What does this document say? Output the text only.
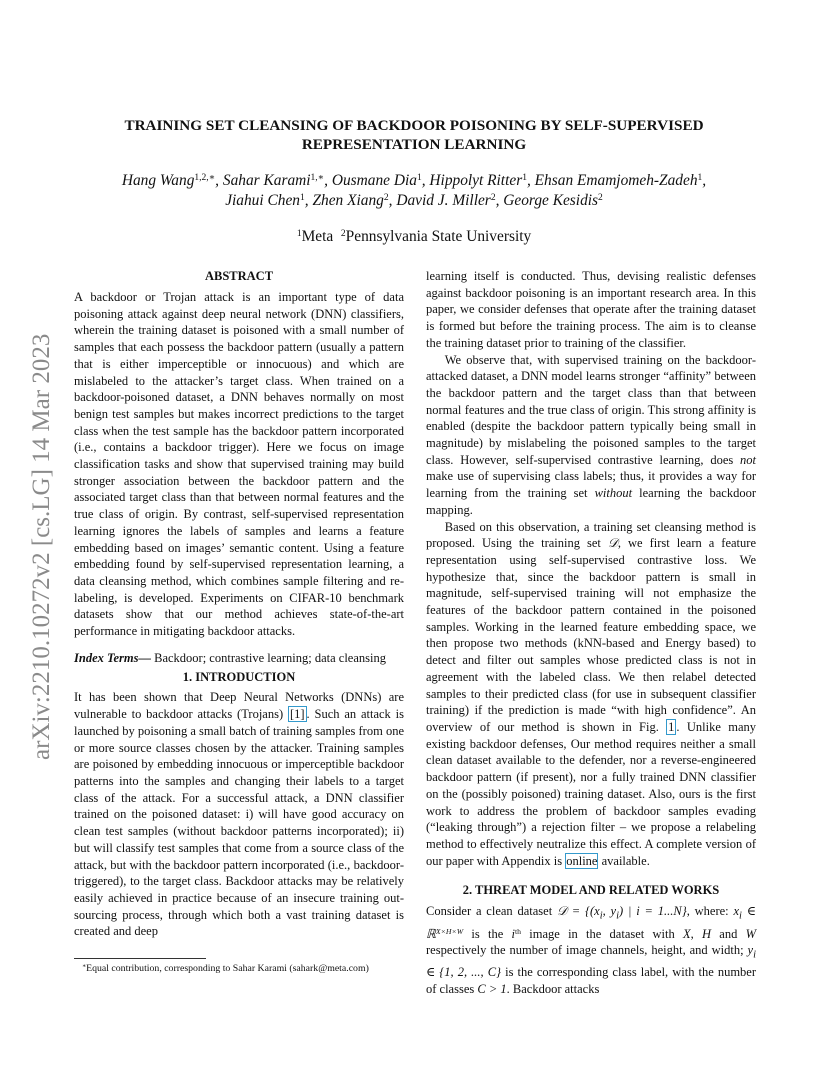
arXiv:2210.10272v2 [cs.LG] 14 Mar 2023
TRAINING SET CLEANSING OF BACKDOOR POISONING BY SELF-SUPERVISED REPRESENTATION LEARNING
Hang Wang$^{1,2,∗}$, Sahar Karami$^{1,∗}$, Ousmane Dia$^1$, Hippolyt Ritter$^1$, Ehsan Emamjomeh-Zadeh$^1$,
Jiahui Chen$^1$, Zhen Xiang$^2$, David J. Miller$^2$, George Kesidis$^2$
$^1$Meta $^2$Pennsylvania State University
ABSTRACT

A backdoor or Trojan attack is an important type of data poisoning attack against deep neural network (DNN) classifiers, wherein the training dataset is poisoned with a small number of samples that each possess the backdoor pattern (usually a pattern that is either imperceptible or innocuous) and which are mislabeled to the attacker’s target class. When trained on a backdoor-poisoned dataset, a DNN behaves normally on most benign test samples but makes incorrect predictions to the target class when the test sample has the backdoor pattern incorporated (i.e., contains a backdoor trigger). Here we focus on image classification tasks and show that supervised training may build stronger association between the backdoor pattern and the associated target class than that between normal features and the true class of origin. By contrast, self-supervised representation learning ignores the labels of samples and learns a feature embedding based on images’ semantic content. Using a feature embedding found by self-supervised representation learning, a data cleansing method, which combines sample filtering and re-labeling, is developed. Experiments on CIFAR-10 benchmark datasets show that our method achieves state-of-the-art performance in mitigating backdoor attacks.

Index Terms— Backdoor; contrastive learning; data cleansing

1. INTRODUCTION

It has been shown that Deep Neural Networks (DNNs) are vulnerable to backdoor attacks (Trojans) [1] . Such an attack is launched by poisoning a small batch of training samples from one or more source classes chosen by the attacker. Training samples are poisoned by embedding innocuous or imperceptible backdoor patterns into the samples and changing their labels to a target class of the attack. For a successful attack, a DNN classifier trained on the poisoned dataset: i) will have good accuracy on clean test samples (without backdoor patterns incorporated); ii) but will classify test samples that come from a source class of the attack, but with the backdoor pattern incorporated (i.e., backdoor-triggered), to the target class. Backdoor attacks may be relatively easily achieved in practice because of an insecure training out-sourcing process, through which both a vast training dataset is created and deep

∗Equal contribution, corresponding to Sahar Karami (sahark@meta.com)

learning itself is conducted. Thus, devising realistic defenses against backdoor poisoning is an important research area. In this paper, we consider defenses that operate after the training dataset is formed but before the training process. The aim is to cleanse the training dataset prior to training of the classifier.

We observe that, with supervised training on the backdoor-attacked dataset, a DNN model learns stronger “affinity” between the backdoor pattern and the target class than that between normal features and the true class of origin. This strong affinity is enabled (despite the backdoor pattern typically being small in magnitude) by mislabeling the poisoned samples to the target class. However, self-supervised contrastive learning, does not make use of supervising class labels; thus, it provides a way for learning from the training set without learning the backdoor mapping.

Based on this observation, a training set cleansing method is proposed. Using the training set 𝒟, we first learn a feature representation using self-supervised contrastive loss. We hypothesize that, since the backdoor pattern is small in magnitude, self-supervised training will not emphasize the features of the backdoor pattern contained in the poisoned samples. Working in the learned feature embedding space, we then propose two methods (kNN-based and Energy based) to detect and filter out samples whose predicted class is not in agreement with the labeled class. We then relabel detected samples to their predicted class (for use in subsequent classifier training) if the prediction is made “with high confidence”. An overview of our method is shown in Fig. 1 . Unlike many existing backdoor defenses, Our method requires neither a small clean dataset available to the defender, nor a reverse-engineered backdoor pattern (if present), nor a fully trained DNN classifier on the (possibly poisoned) training dataset. Also, ours is the first work to address the problem of backdoor samples evading (“leaking through”) a rejection filter – we propose a relabeling method to effectively neutralize this effect. A complete version of our paper with Appendix is online available.

2. THREAT MODEL AND RELATED WORKS

Consider a clean dataset 𝒟 = {($x_i$, $y_i$) | i = 1...N}, where: $x_i$ ∈ ℝ$^{X\times H\times W}$ is the $i^{th}$ image in the dataset with X, H and W respectively the number of image channels, height, and width; $y_i$ ∈ {1, 2, ..., C} is the corresponding class label, with the number of classes C > 1. Backdoor attacks
